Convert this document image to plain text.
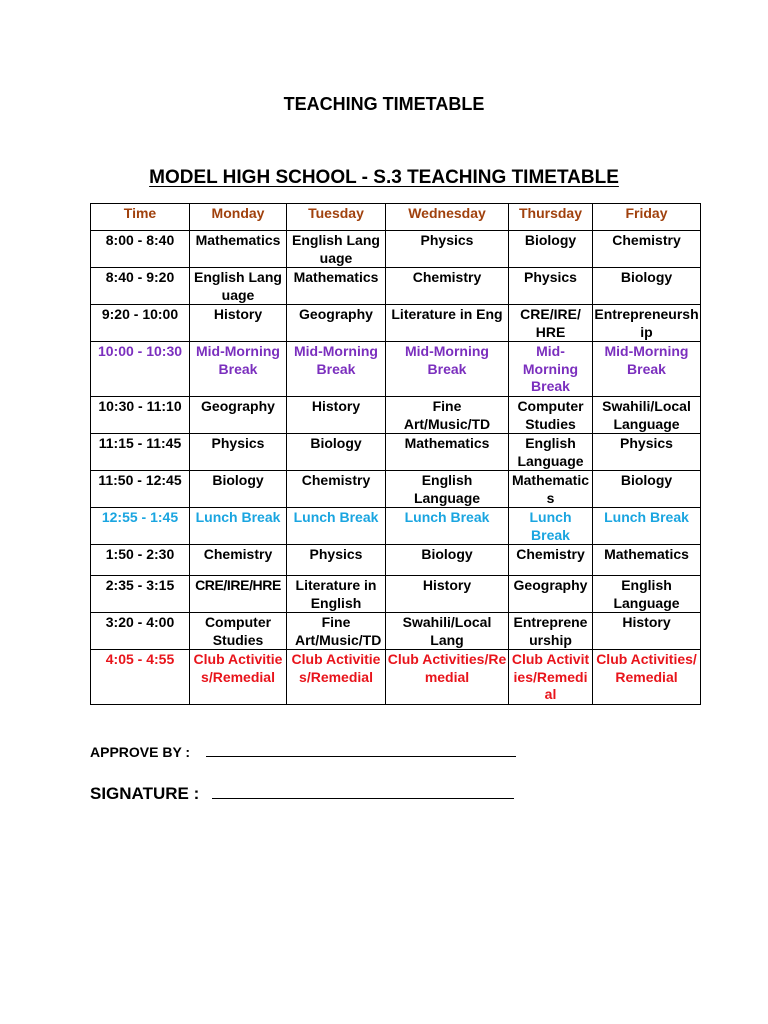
TEACHING TIMETABLE
MODEL HIGH SCHOOL - S.3 TEACHING TIMETABLE
Time	Monday	Tuesday	Wednesday	Thursday	Friday
8:00 - 8:40	Mathematics	English Language	Physics	Biology	Chemistry
8:40 - 9:20	English Language	Mathematics	Chemistry	Physics	Biology
9:20 - 10:00	History	Geography	Literature in Eng	CRE/IRE/ HRE	Entrepreneurship
10:00 - 10:30	Mid-Morning Break	Mid-Morning Break	Mid-Morning Break	Mid-Morning Break	Mid-Morning Break
10:30 - 11:10	Geography	History	Fine Art/Music/TD	Computer Studies	Swahili/Local Language
11:15 - 11:45	Physics	Biology	Mathematics	English Language	Physics
11:50 - 12:45	Biology	Chemistry	English Language	Mathematics	Biology
12:55 - 1:45	Lunch Break	Lunch Break	Lunch Break	Lunch Break	Lunch Break
1:50 - 2:30	Chemistry	Physics	Biology	Chemistry	Mathematics
2:35 - 3:15	CRE/IRE/HRE	Literature in English	History	Geography	English Language
3:20 - 4:00	Computer Studies	Fine Art/Music/TD	Swahili/Local Lang	Entrepreneurship	History
4:05 - 4:55	Club Activities/Remedial	Club Activities/Remedial	Club Activities/Remedial	Club Activities/Remedial	Club Activities/Remedial
APPROVE BY :
SIGNATURE :
